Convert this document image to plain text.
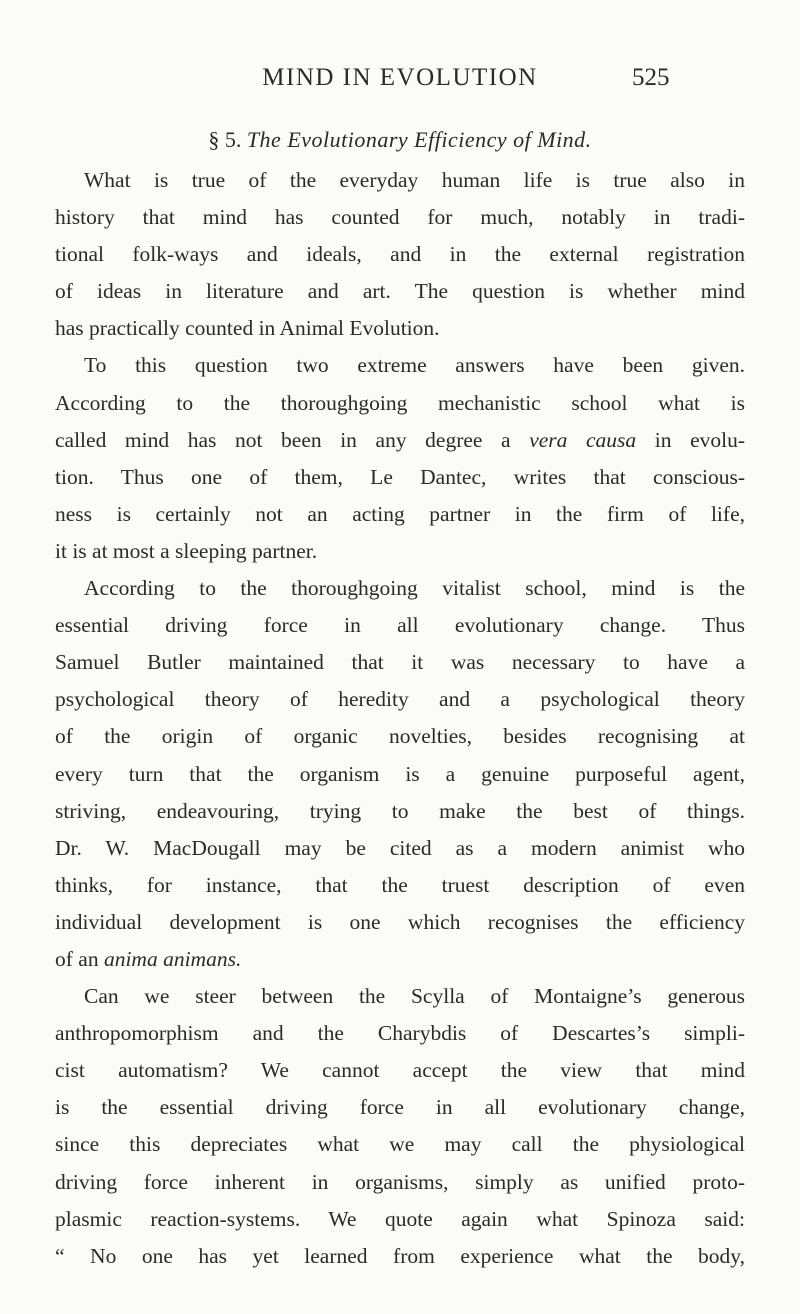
MIND IN EVOLUTION	525
§ 5. The Evolutionary Efficiency of Mind.
What is true of the everyday human life is true also in
history that mind has counted for much, notably in tradi-
tional folk-ways and ideals, and in the external registration
of ideas in literature and art. The question is whether mind
has practically counted in Animal Evolution.
To this question two extreme answers have been given.
According to the thoroughgoing mechanistic school what is
called mind has not been in any degree a vera causa in evolu-
tion. Thus one of them, Le Dantec, writes that conscious-
ness is certainly not an acting partner in the firm of life,
it is at most a sleeping partner.
According to the thoroughgoing vitalist school, mind is the
essential driving force in all evolutionary change. Thus
Samuel Butler maintained that it was necessary to have a
psychological theory of heredity and a psychological theory
of the origin of organic novelties, besides recognising at
every turn that the organism is a genuine purposeful agent,
striving, endeavouring, trying to make the best of things.
Dr. W. MacDougall may be cited as a modern animist who
thinks, for instance, that the truest description of even
individual development is one which recognises the efficiency
of an anima animans.
Can we steer between the Scylla of Montaigne’s generous
anthropomorphism and the Charybdis of Descartes’s simpli-
cist automatism? We cannot accept the view that mind
is the essential driving force in all evolutionary change,
since this depreciates what we may call the physiological
driving force inherent in organisms, simply as unified proto-
plasmic reaction-systems. We quote again what Spinoza said:
“ No one has yet learned from experience what the body,
